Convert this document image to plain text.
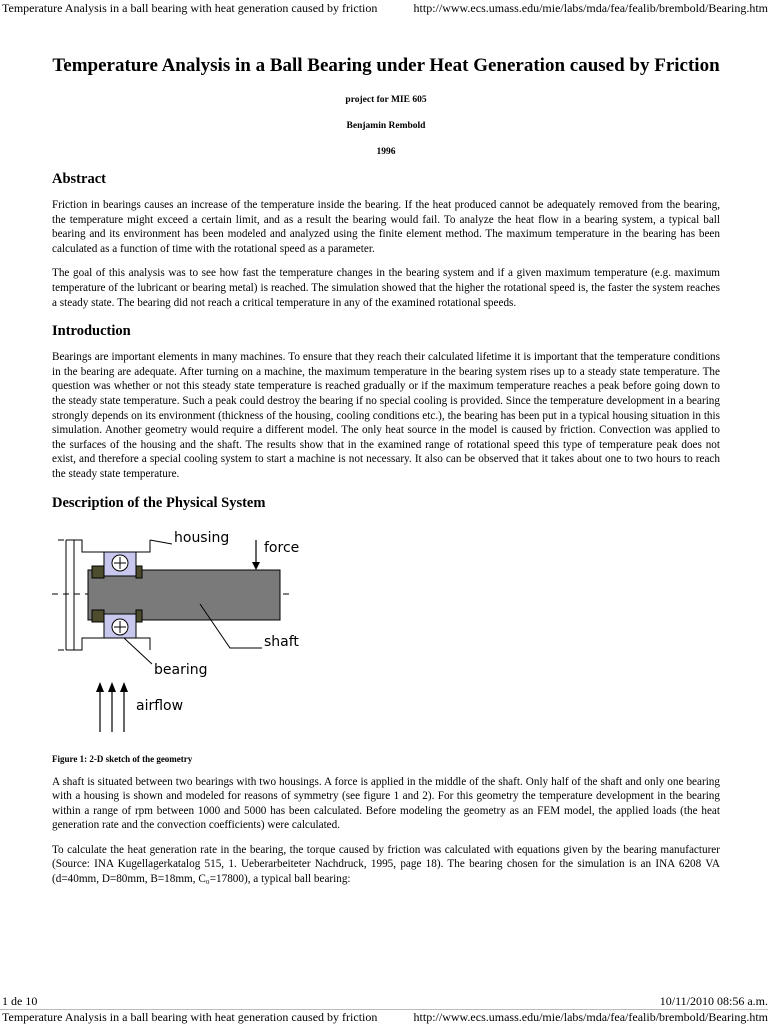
Temperature Analysis in a ball bearing with heat generation caused by friction	http://www.ecs.umass.edu/mie/labs/mda/fea/fealib/brembold/Bearing.htm
Temperature Analysis in a Ball Bearing under Heat Generation caused by Friction

project for MIE 605

Benjamin Rembold

1996

Abstract

Friction in bearings causes an increase of the temperature inside the bearing. If the heat produced cannot be adequately removed from the bearing, the temperature might exceed a certain limit, and as a result the bearing would fail. To analyze the heat flow in a bearing system, a typical ball bearing and its environment has been modeled and analyzed using the finite element method. The maximum temperature in the bearing has been calculated as a function of time with the rotational speed as a parameter.

The goal of this analysis was to see how fast the temperature changes in the bearing system and if a given maximum temperature (e.g. maximum temperature of the lubricant or bearing metal) is reached. The simulation showed that the higher the rotational speed is, the faster the system reaches a steady state. The bearing did not reach a critical temperature in any of the examined rotational speeds.

Introduction

Bearings are important elements in many machines. To ensure that they reach their calculated lifetime it is important that the temperature conditions in the bearing are adequate. After turning on a machine, the maximum temperature in the bearing system rises up to a steady state temperature. The question was whether or not this steady state temperature is reached gradually or if the maximum temperature reaches a peak before going down to the steady state temperature. Such a peak could destroy the bearing if no special cooling is provided. Since the temperature development in a bearing strongly depends on its environment (thickness of the housing, cooling conditions etc.), the bearing has been put in a typical housing situation in this simulation. Another geometry would require a different model. The only heat source in the model is caused by friction. Convection was applied to the surfaces of the housing and the shaft. The results show that in the examined range of rotational speed this type of temperature peak does not exist, and therefore a special cooling system to start a machine is not necessary. It also can be observed that it takes about one to two hours to reach the steady state temperature.

Description of the Physical System
housing
force
shaft
bearing
airflow

Figure 1: 2-D sketch of the geometry

A shaft is situated between two bearings with two housings. A force is applied in the middle of the shaft. Only half of the shaft and only one bearing with a housing is shown and modeled for reasons of symmetry (see figure 1 and 2). For this geometry the temperature development in the bearing within a range of rpm between 1000 and 5000 has been calculated. Before modeling the geometry as an FEM model, the applied loads (the heat generation rate and the convection coefficients) were calculated.

To calculate the heat generation rate in the bearing, the torque caused by friction was calculated with equations given by the bearing manufacturer (Source: INA Kugellagerkatalog 515, 1. Ueberarbeiteter Nachdruck, 1995, page 18). The bearing chosen for the simulation is an INA 6208 VA (d=40mm, D=80mm, B=18mm, C₀=17800), a typical ball bearing:

1 de 10	10/11/2010 08:56 a.m.
Temperature Analysis in a ball bearing with heat generation caused by friction	http://www.ecs.umass.edu/mie/labs/mda/fea/fealib/brembold/Bearing.htm
